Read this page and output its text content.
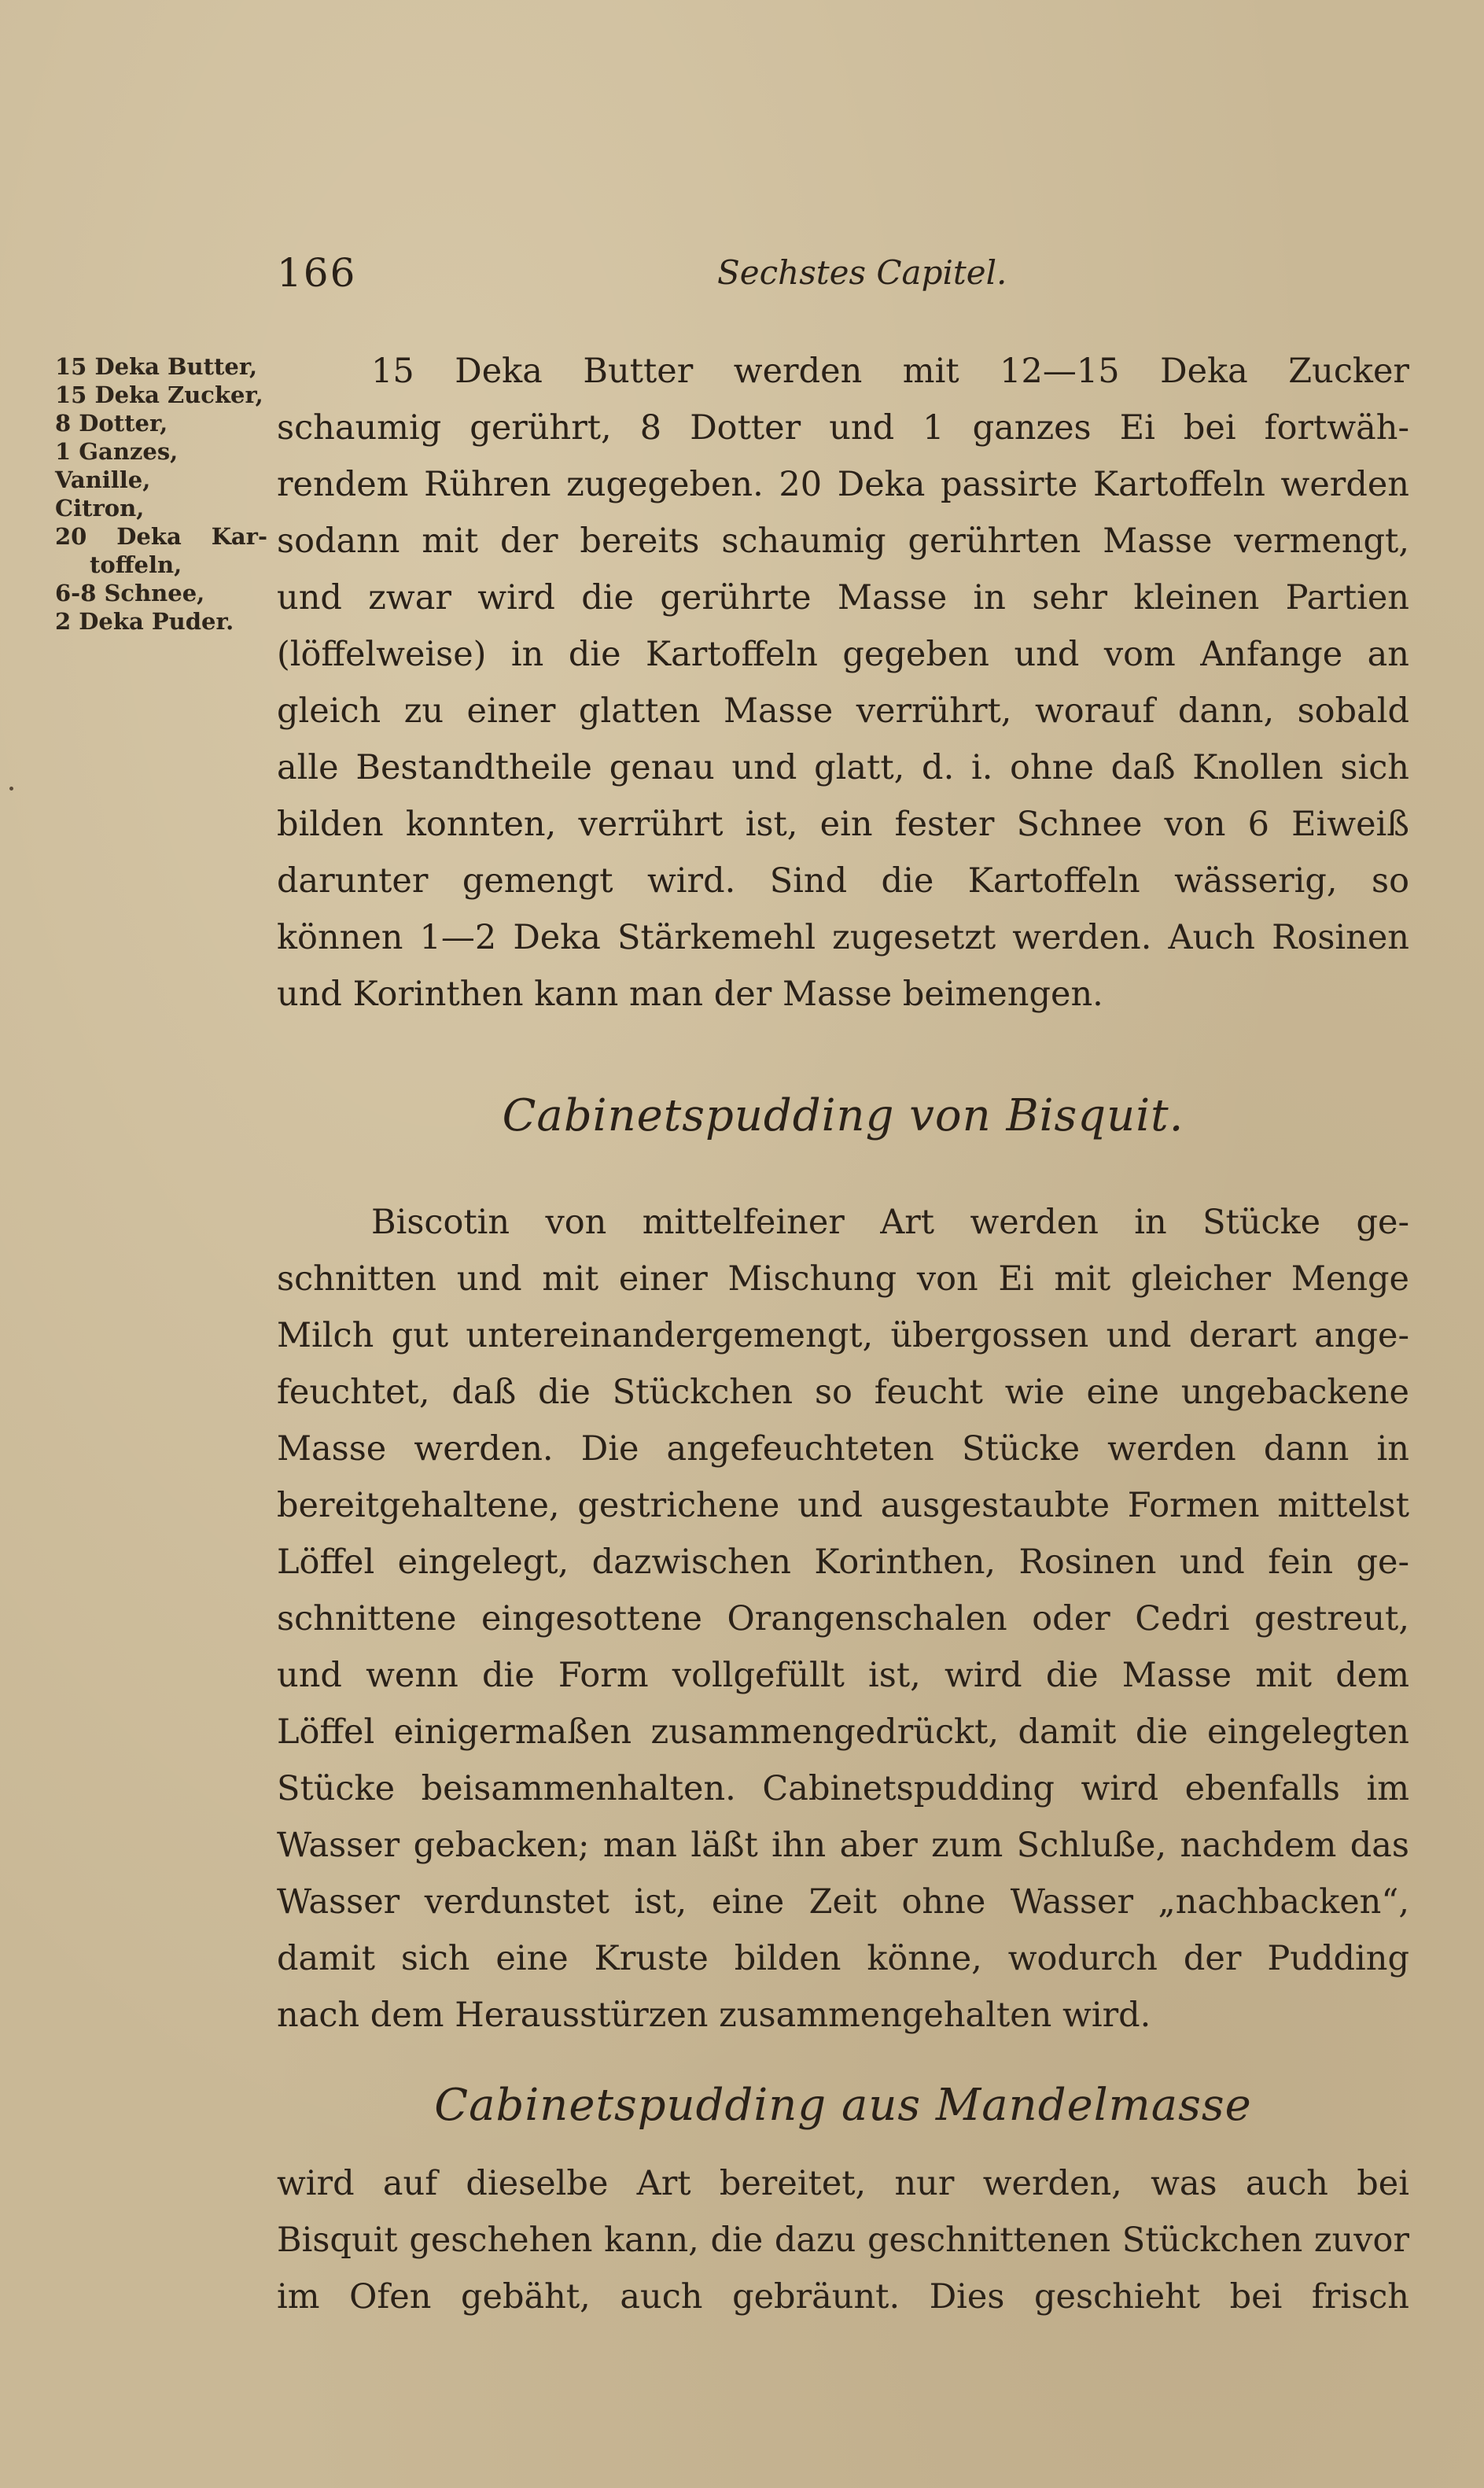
166	Sechstes Capitel.
15 Deka Butter,
15 Deka Zucker,
8 Dotter,
1 Ganzes,
Vanille,
Citron,
20 Deka Kar-
toffeln,
6-8 Schnee,
2 Deka Puder.
15 Deka Butter werden mit 12—15 Deka Zucker
schaumig gerührt, 8 Dotter und 1 ganzes Ei bei fortwäh-
rendem Rühren zugegeben. 20 Deka passirte Kartoffeln werden
sodann mit der bereits schaumig gerührten Masse vermengt,
und zwar wird die gerührte Masse in sehr kleinen Partien
(löffelweise) in die Kartoffeln gegeben und vom Anfange an
gleich zu einer glatten Masse verrührt, worauf dann, sobald
alle Bestandtheile genau und glatt, d. i. ohne daß Knollen sich
bilden konnten, verrührt ist, ein fester Schnee von 6 Eiweiß
darunter gemengt wird. Sind die Kartoffeln wässerig, so
können 1—2 Deka Stärkemehl zugesetzt werden. Auch Rosinen
und Korinthen kann man der Masse beimengen.
Cabinetspudding von Bisquit.
Biscotin von mittelfeiner Art werden in Stücke ge-
schnitten und mit einer Mischung von Ei mit gleicher Menge
Milch gut untereinandergemengt, übergossen und derart ange-
feuchtet, daß die Stückchen so feucht wie eine ungebackene
Masse werden. Die angefeuchteten Stücke werden dann in
bereitgehaltene, gestrichene und ausgestaubte Formen mittelst
Löffel eingelegt, dazwischen Korinthen, Rosinen und fein ge-
schnittene eingesottene Orangenschalen oder Cedri gestreut,
und wenn die Form vollgefüllt ist, wird die Masse mit dem
Löffel einigermaßen zusammengedrückt, damit die eingelegten
Stücke beisammenhalten. Cabinetspudding wird ebenfalls im
Wasser gebacken; man läßt ihn aber zum Schluße, nachdem das
Wasser verdunstet ist, eine Zeit ohne Wasser „nachbacken“,
damit sich eine Kruste bilden könne, wodurch der Pudding
nach dem Herausstürzen zusammengehalten wird.
Cabinetspudding aus Mandelmasse
wird auf dieselbe Art bereitet, nur werden, was auch bei
Bisquit geschehen kann, die dazu geschnittenen Stückchen zuvor
im Ofen gebäht, auch gebräunt. Dies geschieht bei frisch
